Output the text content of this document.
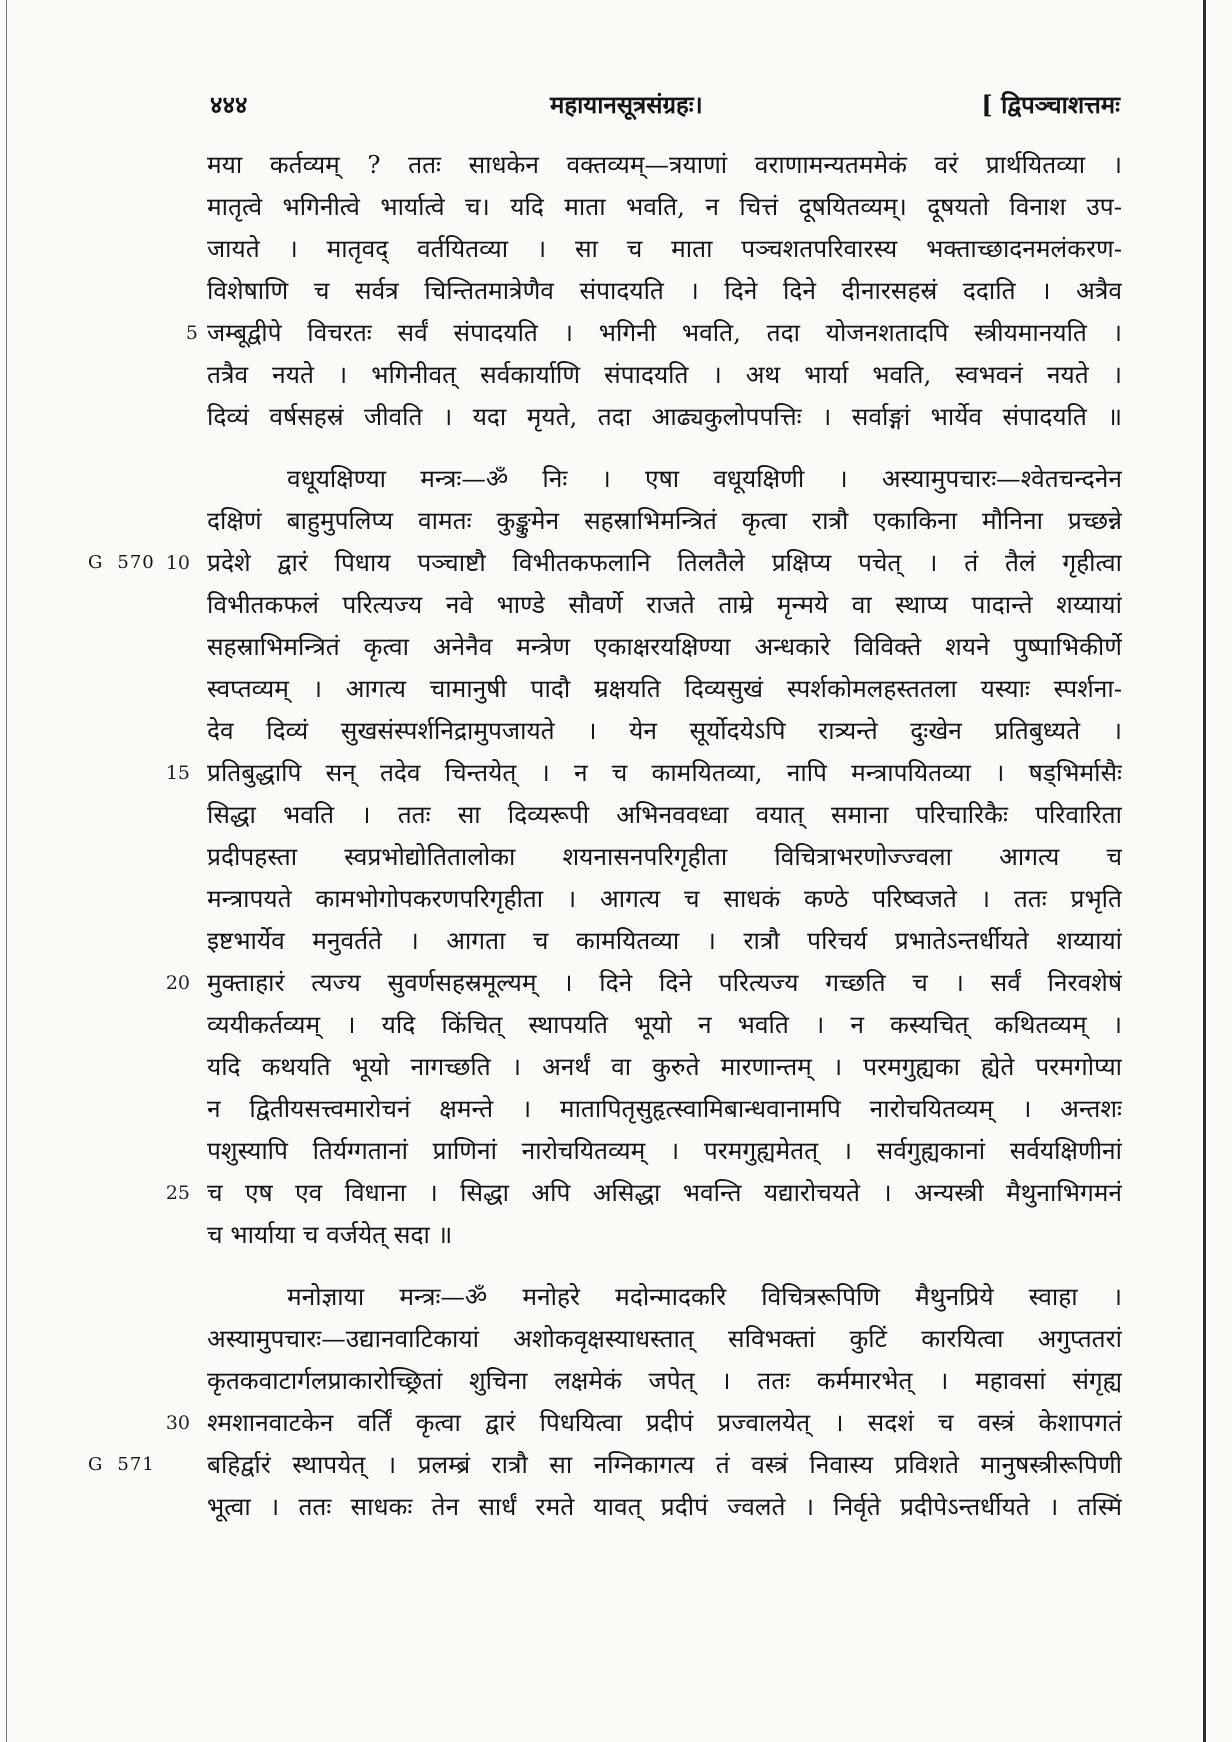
४४४	महायानसूत्रसंग्रहः।	[ द्विपञ्चाशत्तमः
मया कर्तव्यम् ? ततः साधकेन वक्तव्यम्—त्रयाणां वराणामन्यतममेकं वरं प्रार्थयितव्या ।
मातृत्वे भगिनीत्वे भार्यात्वे च। यदि माता भवति, न चित्तं दूषयितव्यम्। दूषयतो विनाश उप-
जायते । मातृवद् वर्तयितव्या । सा च माता पञ्चशतपरिवारस्य भक्ताच्छादनमलंकरण-
विशेषाणि च सर्वत्र चिन्तितमात्रेणैव संपादयति । दिने दिने दीनारसहस्रं ददाति । अत्रैव
5 जम्बूद्वीपे विचरतः सर्वं संपादयति । भगिनी भवति, तदा योजनशतादपि स्त्रीयमानयति ।
तत्रैव नयते । भगिनीवत् सर्वकार्याणि संपादयति । अथ भार्या भवति, स्वभवनं नयते ।
दिव्यं वर्षसहस्रं जीवति । यदा मृयते, तदा आढ्यकुलोपपत्तिः । सर्वाङ्गां भार्येव संपादयति ॥
वधूयक्षिण्या मन्त्रः—ॐ निः । एषा वधूयक्षिणी । अस्यामुपचारः—श्वेतचन्दनेन
दक्षिणं बाहुमुपलिप्य वामतः कुङ्कुमेन सहस्राभिमन्त्रितं कृत्वा रात्रौ एकाकिना मौनिना प्रच्छन्ने
G 570 10 प्रदेशे द्वारं पिधाय पञ्चाष्टौ विभीतकफलानि तिलतैले प्रक्षिप्य पचेत् । तं तैलं गृहीत्वा
विभीतकफलं परित्यज्य नवे भाण्डे सौवर्णे राजते ताम्रे मृन्मये वा स्थाप्य पादान्ते शय्यायां
सहस्राभिमन्त्रितं कृत्वा अनेनैव मन्त्रेण एकाक्षरयक्षिण्या अन्धकारे विविक्ते शयने पुष्पाभिकीर्णे
स्वप्तव्यम् । आगत्य चामानुषी पादौ म्रक्षयति दिव्यसुखं स्पर्शकोमलहस्ततला यस्याः स्पर्शना-
देव दिव्यं सुखसंस्पर्शनिद्रामुपजायते । येन सूर्योदयेऽपि रात्र्यन्ते दुःखेन प्रतिबुध्यते ।
15 प्रतिबुद्धापि सन् तदेव चिन्तयेत् । न च कामयितव्या, नापि मन्त्रापयितव्या । षड्भिर्मासैः
सिद्धा भवति । ततः सा दिव्यरूपी अभिनववध्वा वयात् समाना परिचारिकैः परिवारिता
प्रदीपहस्ता स्वप्रभोद्योतितालोका शयनासनपरिगृहीता विचित्राभरणोज्ज्वला आगत्य च
मन्त्रापयते कामभोगोपकरणपरिगृहीता । आगत्य च साधकं कण्ठे परिष्वजते । ततः प्रभृति
इष्टभार्येव मनुवर्तते । आगता च कामयितव्या । रात्रौ परिचर्य प्रभातेऽन्तर्धीयते शय्यायां
20 मुक्ताहारं त्यज्य सुवर्णसहस्रमूल्यम् । दिने दिने परित्यज्य गच्छति च । सर्वं निरवशेषं
व्ययीकर्तव्यम् । यदि किंचित् स्थापयति भूयो न भवति । न कस्यचित् कथितव्यम् ।
यदि कथयति भूयो नागच्छति । अनर्थं वा कुरुते मारणान्तम् । परमगुह्यका ह्येते परमगोप्या
न द्वितीयसत्त्वमारोचनं क्षमन्ते । मातापितृसुहृत्स्वामिबान्धवानामपि नारोचयितव्यम् । अन्तशः
पशुस्यापि तिर्यग्गतानां प्राणिनां नारोचयितव्यम् । परमगुह्यमेतत् । सर्वगुह्यकानां सर्वयक्षिणीनां
25 च एष एव विधाना । सिद्धा अपि असिद्धा भवन्ति यद्यारोचयते । अन्यस्त्री मैथुनाभिगमनं
च भार्याया च वर्जयेत् सदा ॥
मनोज्ञाया मन्त्रः—ॐ मनोहरे मदोन्मादकरि विचित्ररूपिणि मैथुनप्रिये स्वाहा ।
अस्यामुपचारः—उद्यानवाटिकायां अशोकवृक्षस्याधस्तात् सविभक्तां कुटिं कारयित्वा अगुप्ततरां
कृतकवाटार्गलप्राकारोच्छ्रितां शुचिना लक्षमेकं जपेत् । ततः कर्ममारभेत् । महावसां संगृह्य
30 श्मशानवाटकेन वर्तिं कृत्वा द्वारं पिधयित्वा प्रदीपं प्रज्वालयेत् । सदशं च वस्त्रं केशापगतं
G 571 बहिर्द्वारं स्थापयेत् । प्रलम्ब्रं रात्रौ सा नग्निकागत्य तं वस्त्रं निवास्य प्रविशते मानुषस्त्रीरूपिणी
भूत्वा । ततः साधकः तेन सार्धं रमते यावत् प्रदीपं ज्वलते । निर्वृते प्रदीपेऽन्तर्धीयते । तस्मिं
